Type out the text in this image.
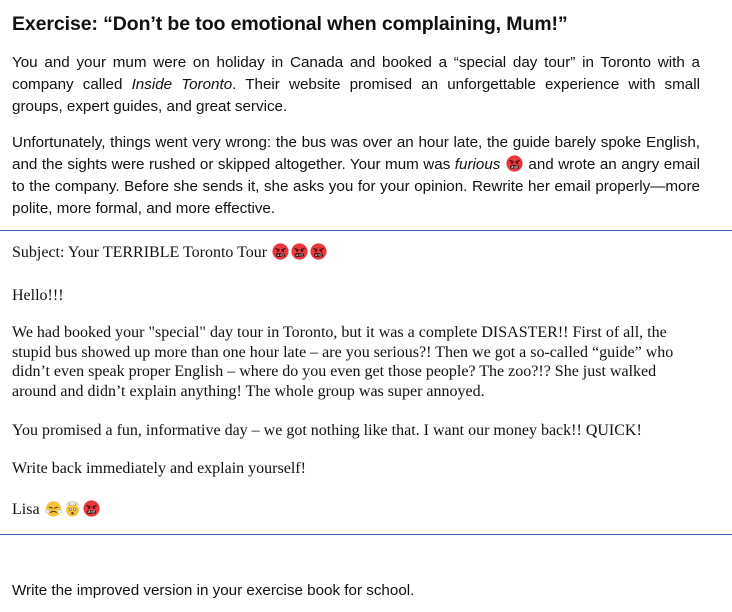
Exercise: “Don’t be too emotional when complaining, Mum!”

You and your mum were on holiday in Canada and booked a “special day tour” in Toronto with a company called Inside Toronto. Their website promised an unforgettable experience with small groups, expert guides, and great service.

Unfortunately, things went very wrong: the bus was over an hour late, the guide barely spoke English, and the sights were rushed or skipped altogether. Your mum was furious
and wrote an angry email to the company. Before she sends it, she asks you for your opinion. Rewrite her email properly—more polite, more formal, and more effective.

Subject: Your TERRIBLE Toronto Tour

Hello!!!

We had booked your "special" day tour in Toronto, but it was a complete DISASTER!! First of all, the stupid bus showed up more than one hour late – are you serious?! Then we got a so-called “guide” who didn’t even speak proper English – where do you even get those people? The zoo?!? She just walked around and didn’t explain anything! The whole group was super annoyed.

You promised a fun, informative day – we got nothing like that. I want our money back!! QUICK!

Write back immediately and explain yourself!

Lisa

Write the improved version in your exercise book for school.
